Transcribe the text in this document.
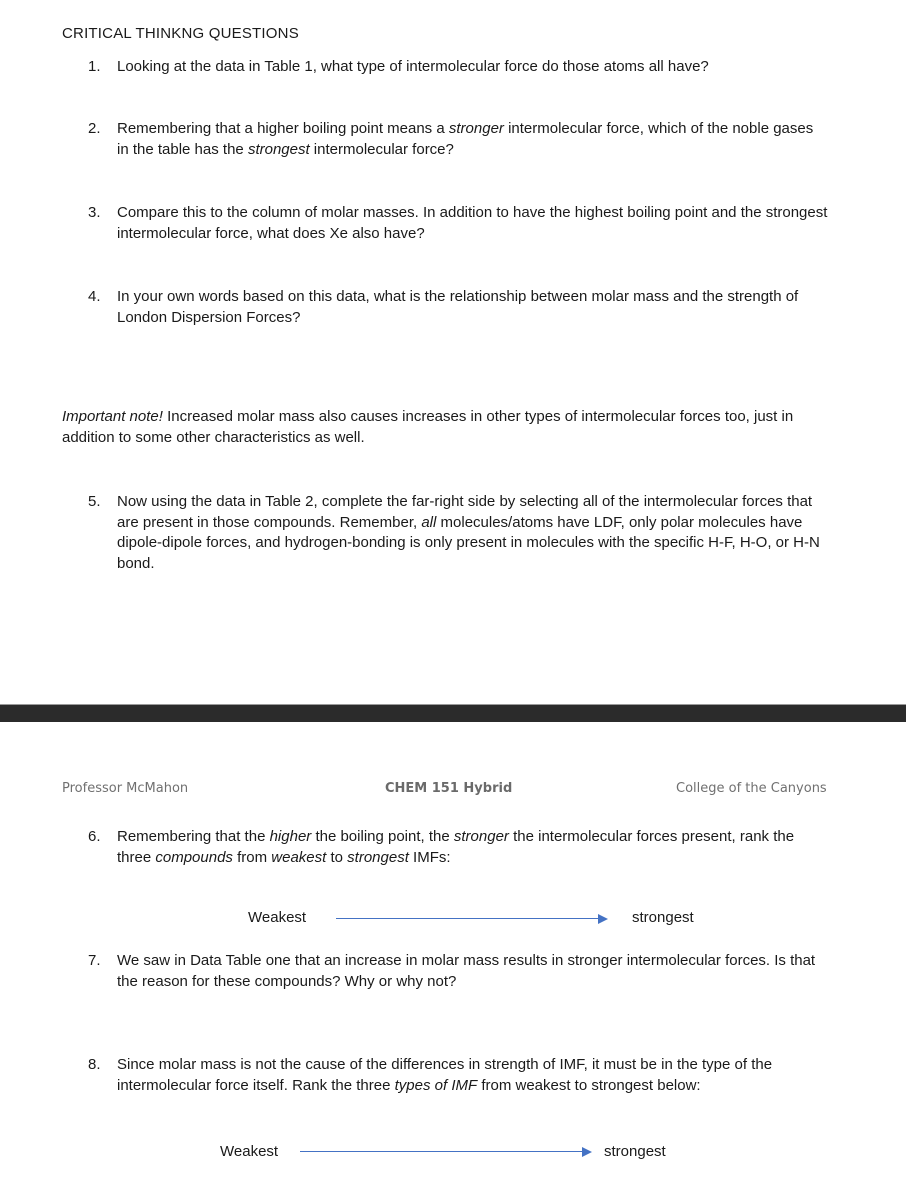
CRITICAL THINKNG QUESTIONS
1. Looking at the data in Table 1, what type of intermolecular force do those atoms all have?
2. Remembering that a higher boiling point means a stronger intermolecular force, which of the noble gases in the table has the strongest intermolecular force?
3. Compare this to the column of molar masses. In addition to have the highest boiling point and the strongest intermolecular force, what does Xe also have?
4. In your own words based on this data, what is the relationship between molar mass and the strength of London Dispersion Forces?
Important note! Increased molar mass also causes increases in other types of intermolecular forces too, just in addition to some other characteristics as well.
5. Now using the data in Table 2, complete the far-right side by selecting all of the intermolecular forces that are present in those compounds. Remember, all molecules/atoms have LDF, only polar molecules have dipole-dipole forces, and hydrogen-bonding is only present in molecules with the specific H-F, H-O, or H-N bond.
Professor McMahon	CHEM 151 Hybrid	College of the Canyons
6. Remembering that the higher the boiling point, the stronger the intermolecular forces present, rank the three compounds from weakest to strongest IMFs:
Weakest	strongest
7. We saw in Data Table one that an increase in molar mass results in stronger intermolecular forces. Is that the reason for these compounds? Why or why not?
8. Since molar mass is not the cause of the differences in strength of IMF, it must be in the type of the intermolecular force itself. Rank the three types of IMF from weakest to strongest below:
Weakest	strongest
